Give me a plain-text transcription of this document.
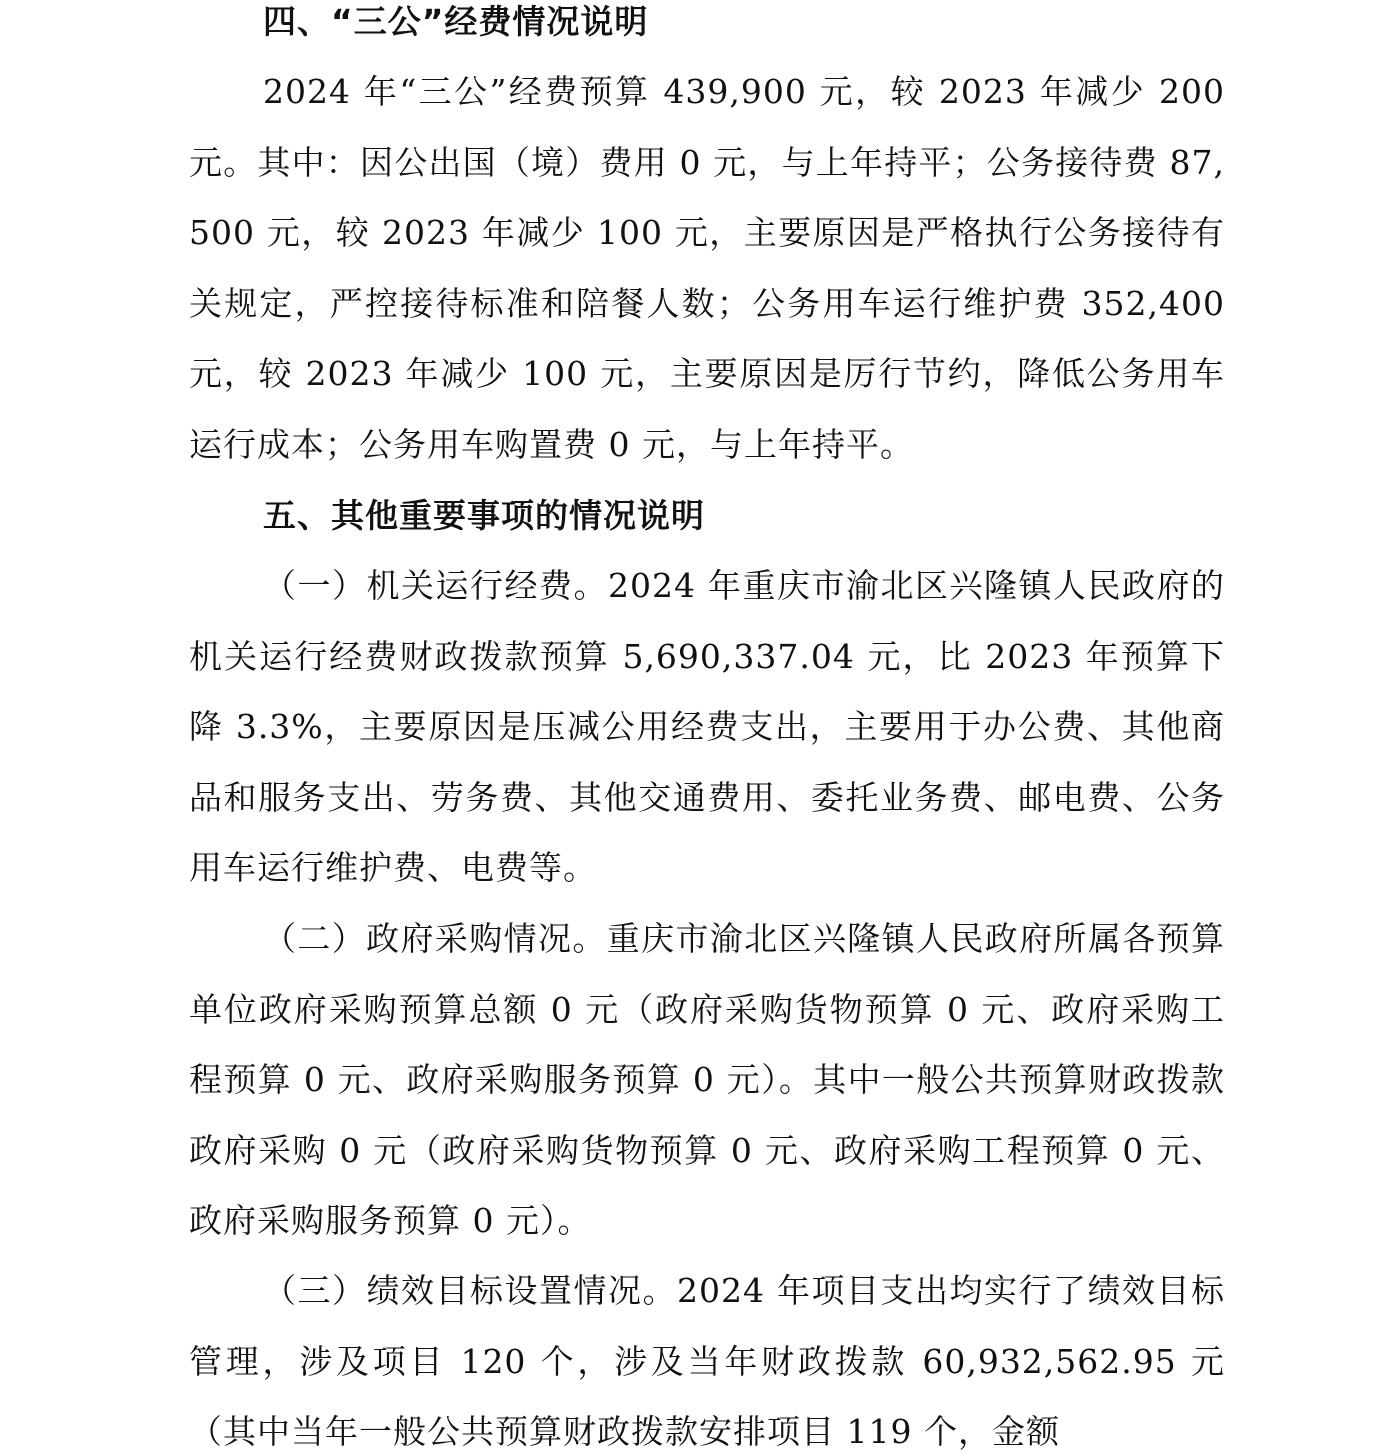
四、“三公”经费情况说明

2024 年“三公”经费预算 439,900 元，较 2023 年减少 200 元。其中：因公出国（境）费用 0 元，与上年持平；公务接待费 87,500 元，较 2023 年减少 100 元，主要原因是严格执行公务接待有关规定，严控接待标准和陪餐人数；公务用车运行维护费 352,400 元，较 2023 年减少 100 元，主要原因是厉行节约，降低公务用车运行成本；公务用车购置费 0 元，与上年持平。

五、其他重要事项的情况说明

（一）机关运行经费。2024 年重庆市渝北区兴隆镇人民政府的机关运行经费财政拨款预算 5,690,337.04 元，比 2023 年预算下降 3.3%，主要原因是压减公用经费支出，主要用于办公费、其他商品和服务支出、劳务费、其他交通费用、委托业务费、邮电费、公务用车运行维护费、电费等。

（二）政府采购情况。重庆市渝北区兴隆镇人民政府所属各预算单位政府采购预算总额 0 元（政府采购货物预算 0 元、政府采购工程预算 0 元、政府采购服务预算 0 元）。其中一般公共预算财政拨款政府采购 0 元（政府采购货物预算 0 元、政府采购工程预算 0 元、政府采购服务预算 0 元）。

（三）绩效目标设置情况。2024 年项目支出均实行了绩效目标管理，涉及项目 120 个，涉及当年财政拨款 60,932,562.95 元（其中当年一般公共预算财政拨款安排项目 119 个，金额
